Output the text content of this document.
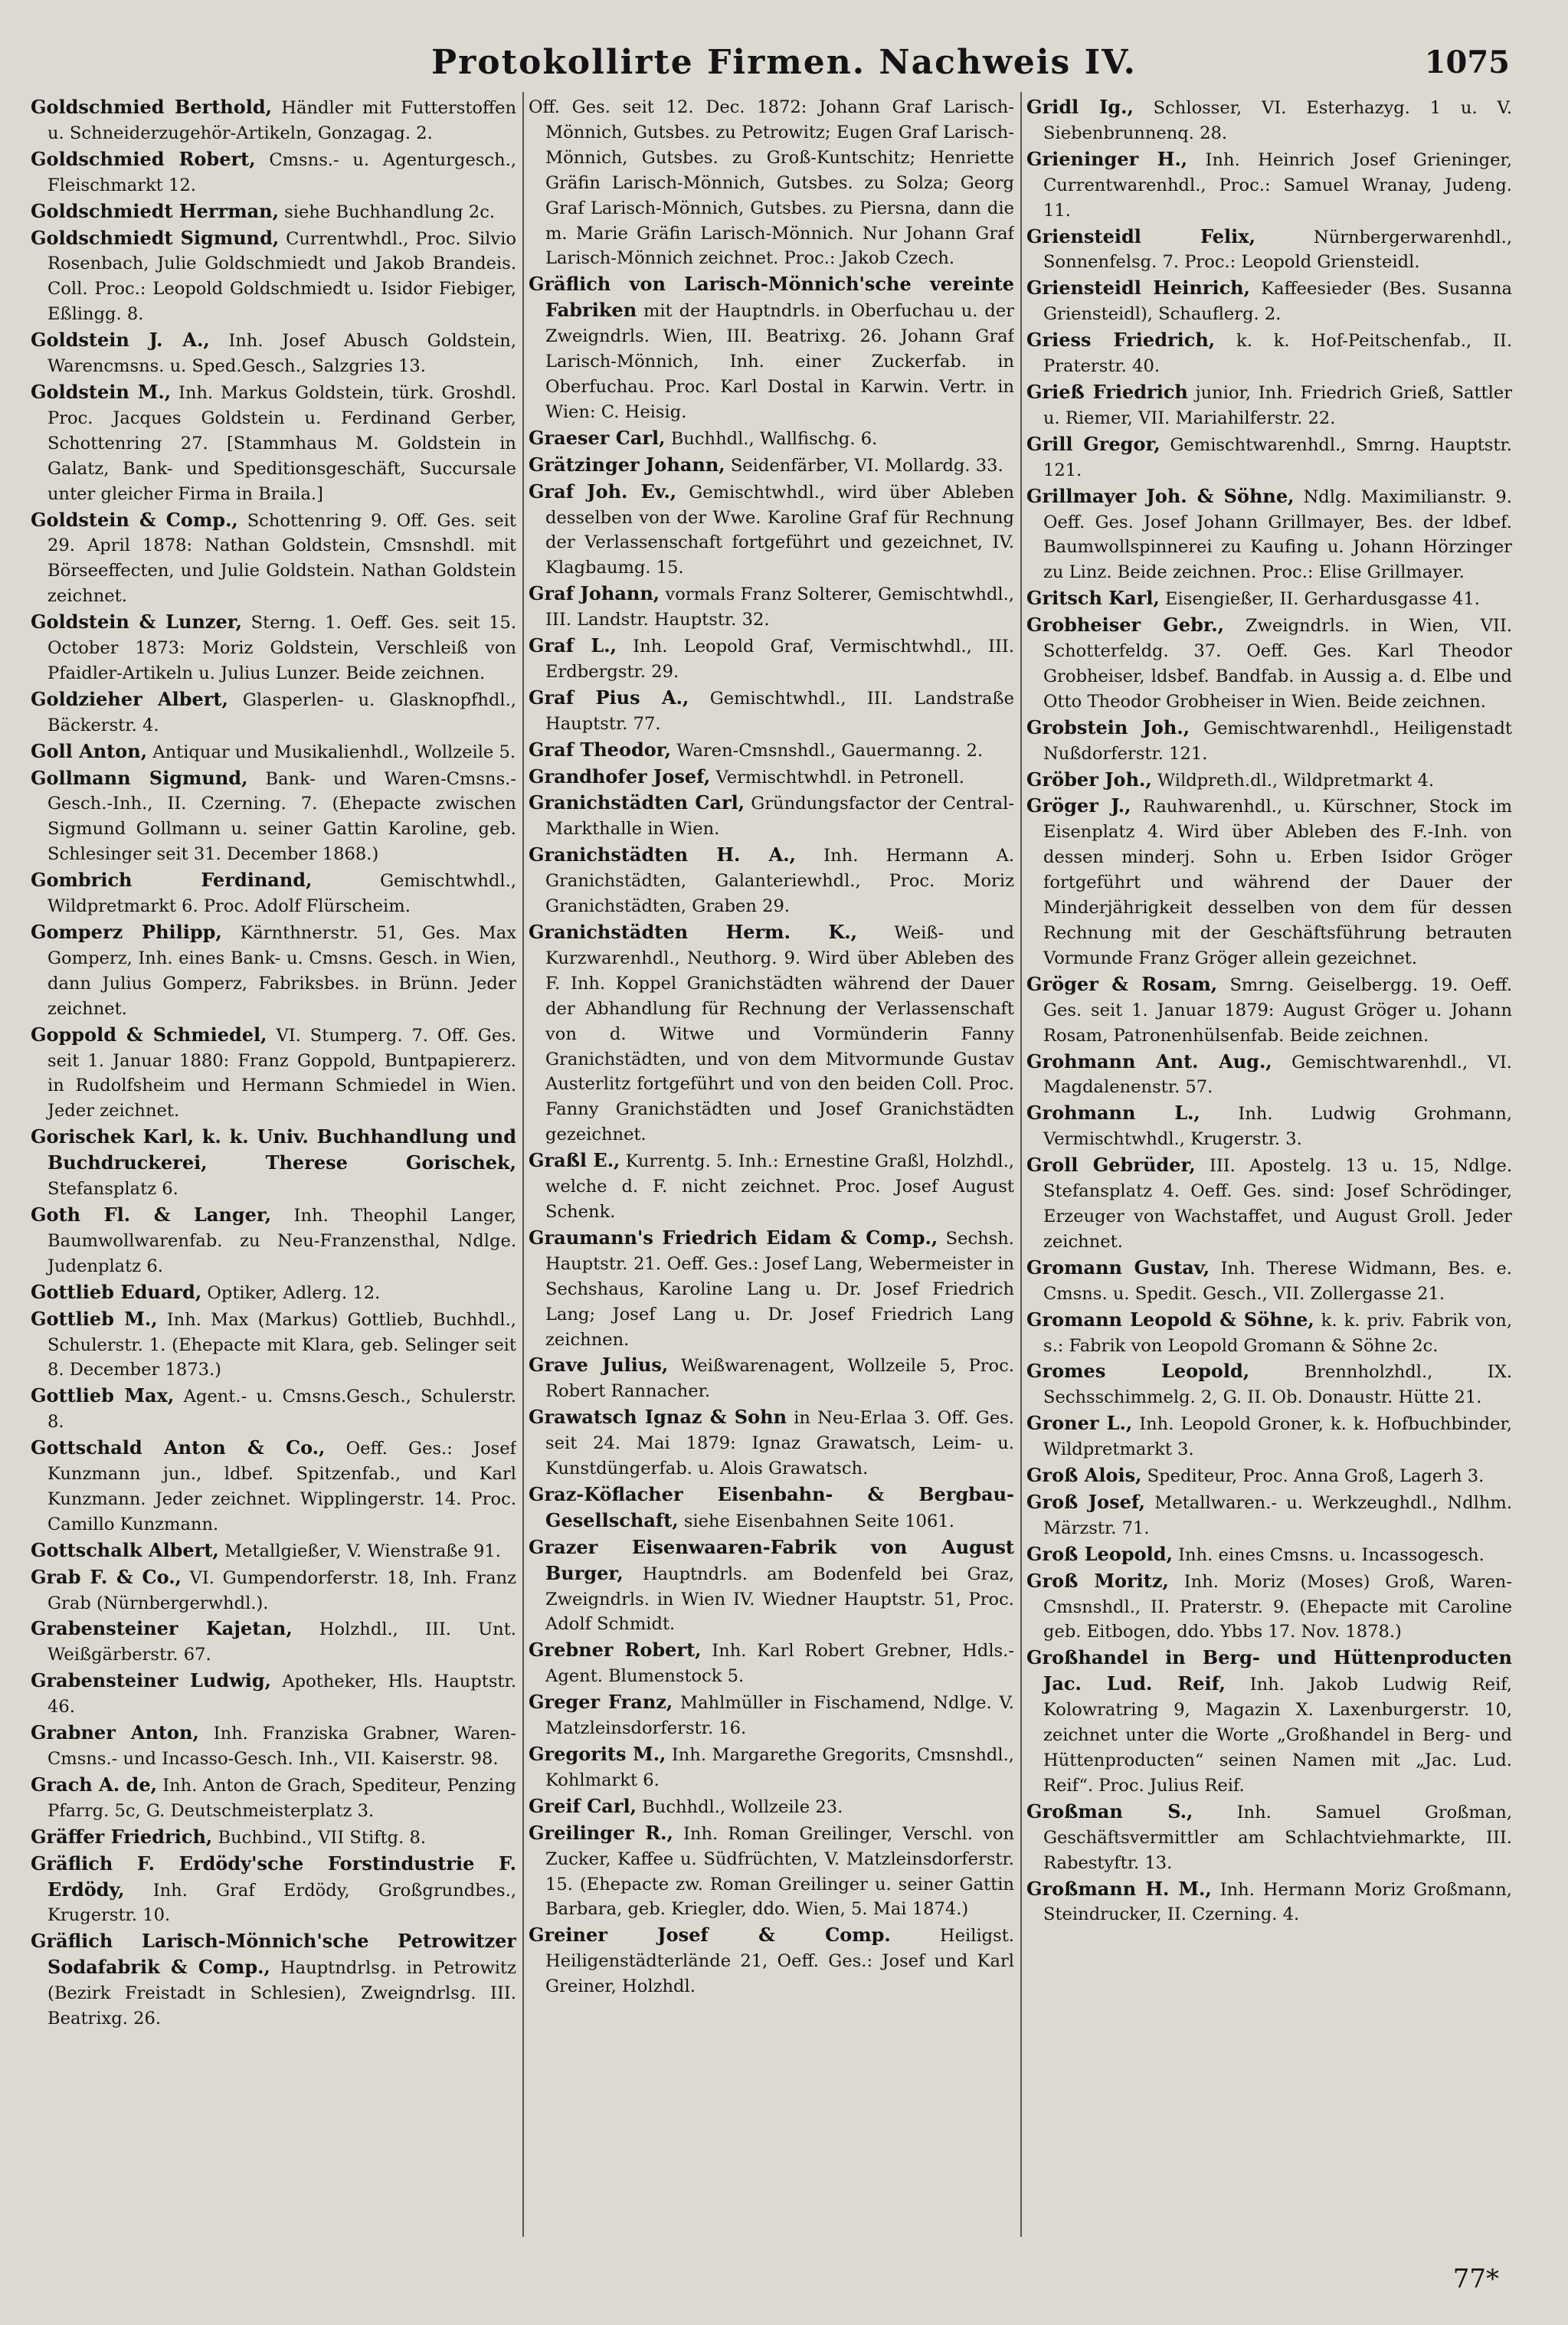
Protokollirte Firmen. Nachweis IV.	1075
Goldschmied Berthold, Händler mit Futterstoffen u. Schneiderzugehör-Artikeln, Gonzagag. 2.
Goldschmied Robert, Cmsns.- u. Agenturgesch., Fleischmarkt 12.
Goldschmiedt Herrman, siehe Buchhandlung 2c.
Goldschmiedt Sigmund, Currentwhdl., Proc. Silvio Rosenbach, Julie Goldschmiedt und Jakob Brandeis. Coll. Proc.: Leopold Goldschmiedt u. Isidor Fiebiger, Eßlingg. 8.
Goldstein J. A., Inh. Josef Abusch Goldstein, Warencmsns. u. Sped.Gesch., Salzgries 13.
Goldstein M., Inh. Markus Goldstein, türk. Groshdl. Proc. Jacques Goldstein u. Ferdinand Gerber, Schottenring 27. [Stammhaus M. Goldstein in Galatz, Bank- und Speditionsgeschäft, Succursale unter gleicher Firma in Braila.]
Goldstein & Comp., Schottenring 9. Off. Ges. seit 29. April 1878: Nathan Goldstein, Cmsnshdl. mit Börseeffecten, und Julie Goldstein. Nathan Goldstein zeichnet.
Goldstein & Lunzer, Sterng. 1. Oeff. Ges. seit 15. October 1873: Moriz Goldstein, Verschleiß von Pfaidler-Artikeln u. Julius Lunzer. Beide zeichnen.
Goldzieher Albert, Glasperlen- u. Glasknopfhdl., Bäckerstr. 4.
Goll Anton, Antiquar und Musikalienhdl., Wollzeile 5.
Gollmann Sigmund, Bank- und Waren-Cmsns.-Gesch.-Inh., II. Czerning. 7. (Ehepacte zwischen Sigmund Gollmann u. seiner Gattin Karoline, geb. Schlesinger seit 31. December 1868.)
Gombrich Ferdinand,	Gemischtwhdl., Wildpretmarkt 6. Proc. Adolf Flürscheim.
Gomperz Philipp, Kärnthnerstr. 51, Ges. Max Gomperz, Inh. eines Bank- u. Cmsns. Gesch. in Wien, dann Julius Gomperz, Fabriksbes. in Brünn. Jeder zeichnet.
Goppold & Schmiedel, VI. Stumperg. 7. Off. Ges. seit 1. Januar 1880: Franz Goppold, Buntpapiererz. in Rudolfsheim und Hermann Schmiedel in Wien. Jeder zeichnet.
Gorischek Karl, k. k. Univ. Buchhandlung und Buchdruckerei, Therese Gorischek, Stefansplatz 6.
Goth Fl. & Langer, Inh. Theophil Langer, Baumwollwarenfab. zu Neu-Franzensthal, Ndlge. Judenplatz 6.
Gottlieb Eduard, Optiker, Adlerg. 12.
Gottlieb M., Inh. Max (Markus) Gottlieb, Buchhdl., Schulerstr. 1. (Ehepacte mit Klara, geb. Selinger seit 8. December 1873.)
Gottlieb Max, Agent.- u. Cmsns.Gesch., Schulerstr. 8.
Gottschald Anton & Co., Oeff. Ges.: Josef Kunzmann jun., ldbef. Spitzenfab., und Karl Kunzmann. Jeder zeichnet. Wipplingerstr. 14. Proc. Camillo Kunzmann.
Gottschalk Albert, Metallgießer, V. Wienstraße 91.
Grab F. & Co., VI. Gumpendorferstr. 18, Inh. Franz Grab (Nürnbergerwhdl.).
Grabensteiner Kajetan, Holzhdl., III. Unt. Weißgärberstr. 67.
Grabensteiner Ludwig, Apotheker, Hls. Hauptstr. 46.
Grabner Anton, Inh. Franziska Grabner, Waren-Cmsns.- und Incasso-Gesch. Inh., VII. Kaiserstr. 98.
Grach A. de, Inh. Anton de Grach, Spediteur, Penzing Pfarrg. 5c, G. Deutschmeisterplatz 3.
Gräffer Friedrich, Buchbind., VII Stiftg. 8.
Gräflich F. Erdödy'sche Forstindustrie F. Erdödy, Inh. Graf Erdödy, Großgrundbes., Krugerstr. 10.
Gräflich Larisch-Mönnich'sche Petrowitzer Sodafabrik & Comp., Hauptndrlsg. in Petrowitz (Bezirk Freistadt in Schlesien), Zweigndrlsg. III. Beatrixg. 26.
Off. Ges. seit 12. Dec. 1872: Johann Graf Larisch-Mönnich, Gutsbes. zu Petrowitz; Eugen Graf Larisch-Mönnich, Gutsbes. zu Groß-Kuntschitz; Henriette Gräfin Larisch-Mönnich, Gutsbes. zu Solza; Georg Graf Larisch-Mönnich, Gutsbes. zu Piersna, dann die m. Marie Gräfin Larisch-Mönnich. Nur Johann Graf Larisch-Mönnich zeichnet. Proc.: Jakob Czech.
Gräflich von Larisch-Mönnich'sche vereinte Fabriken mit der Hauptndrls. in Oberfuchau u. der Zweigndrls. Wien, III. Beatrixg. 26. Johann Graf Larisch-Mönnich, Inh. einer Zuckerfab. in Oberfuchau. Proc. Karl Dostal in Karwin. Vertr. in Wien: C. Heisig.
Graeser Carl, Buchhdl., Wallfischg. 6.
Grätzinger Johann, Seidenfärber, VI. Mollardg. 33.
Graf Joh. Ev., Gemischtwhdl., wird über Ableben desselben von der Wwe. Karoline Graf für Rechnung der Verlassenschaft fortgeführt und gezeichnet, IV. Klagbaumg. 15.
Graf Johann, vormals Franz Solterer, Gemischtwhdl., III. Landstr. Hauptstr. 32.
Graf L., Inh. Leopold Graf, Vermischtwhdl., III. Erdbergstr. 29.
Graf Pius A., Gemischtwhdl., III. Landstraße Hauptstr. 77.
Graf Theodor, Waren-Cmsnshdl., Gauermanng. 2.
Grandhofer Josef, Vermischtwhdl. in Petronell.
Granichstädten Carl, Gründungsfactor der Central-Markthalle in Wien.
Granichstädten H. A., Inh. Hermann A. Granichstädten, Galanteriewhdl., Proc. Moriz Granichstädten, Graben 29.
Granichstädten Herm. K., Weiß- und Kurzwarenhdl., Neuthorg. 9. Wird über Ableben des F. Inh. Koppel Granichstädten während der Dauer der Abhandlung für Rechnung der Verlassenschaft von d. Witwe und Vormünderin Fanny Granichstädten, und von dem Mitvormunde Gustav Austerlitz fortgeführt und von den beiden Coll. Proc. Fanny Granichstädten und Josef Granichstädten gezeichnet.
Graßl E., Kurrentg. 5. Inh.: Ernestine Graßl, Holzhdl., welche d. F. nicht zeichnet. Proc. Josef August Schenk.
Graumann's Friedrich Eidam & Comp., Sechsh. Hauptstr. 21. Oeff. Ges.: Josef Lang, Webermeister in Sechshaus, Karoline Lang u. Dr. Josef Friedrich Lang; Josef Lang u. Dr. Josef Friedrich Lang zeichnen.
Grave Julius, Weißwarenagent, Wollzeile 5, Proc. Robert Rannacher.
Grawatsch Ignaz & Sohn in Neu-Erlaa 3. Off. Ges. seit 24. Mai 1879: Ignaz Grawatsch, Leim- u. Kunstdüngerfab. u. Alois Grawatsch.
Graz-Köflacher Eisenbahn- & Bergbau-Gesellschaft, siehe Eisenbahnen Seite 1061.
Grazer Eisenwaaren-Fabrik von August Burger, Hauptndrls. am Bodenfeld bei Graz, Zweigndrls. in Wien IV. Wiedner Hauptstr. 51, Proc. Adolf Schmidt.
Grebner Robert, Inh. Karl Robert Grebner, Hdls.-Agent. Blumenstock 5.
Greger Franz, Mahlmüller in Fischamend, Ndlge. V. Matzleinsdorferstr. 16.
Gregorits M., Inh. Margarethe Gregorits, Cmsnshdl., Kohlmarkt 6.
Greif Carl, Buchhdl., Wollzeile 23.
Greilinger R., Inh. Roman Greilinger, Verschl. von Zucker, Kaffee u. Südfrüchten, V. Matzleinsdorferstr. 15. (Ehepacte zw. Roman Greilinger u. seiner Gattin Barbara, geb. Kriegler, ddo. Wien, 5. Mai 1874.)
Greiner Josef & Comp.	Heiligst. Heiligenstädterlände 21, Oeff. Ges.: Josef und Karl Greiner, Holzhdl.
Gridl Ig., Schlosser, VI. Esterhazyg. 1 u. V. Siebenbrunnenq. 28.
Grieninger H., Inh. Heinrich Josef Grieninger, Currentwarenhdl., Proc.: Samuel Wranay, Judeng. 11.
Griensteidl Felix,	Nürnbergerwarenhdl., Sonnenfelsg. 7. Proc.: Leopold Griensteidl.
Griensteidl Heinrich, Kaffeesieder (Bes. Susanna Griensteidl), Schauflerg. 2.
Griess Friedrich, k. k. Hof-Peitschenfab., II. Praterstr. 40.
Grieß Friedrich junior, Inh. Friedrich Grieß, Sattler u. Riemer, VII. Mariahilferstr. 22.
Grill Gregor, Gemischtwarenhdl., Smrng. Hauptstr. 121.
Grillmayer Joh. & Söhne, Ndlg. Maximilianstr. 9. Oeff. Ges. Josef Johann Grillmayer, Bes. der ldbef. Baumwollspinnerei zu Kaufing u. Johann Hörzinger zu Linz. Beide zeichnen. Proc.: Elise Grillmayer.
Gritsch Karl, Eisengießer, II. Gerhardusgasse 41.
Grobheiser Gebr., Zweigndrls. in Wien, VII. Schotterfeldg. 37. Oeff. Ges. Karl Theodor Grobheiser, ldsbef. Bandfab. in Aussig a. d. Elbe und Otto Theodor Grobheiser in Wien. Beide zeichnen.
Grobstein Joh., Gemischtwarenhdl., Heiligenstadt Nußdorferstr. 121.
Gröber Joh., Wildpreth.dl., Wildpretmarkt 4.
Gröger J., Rauhwarenhdl., u. Kürschner, Stock im Eisenplatz 4. Wird über Ableben des F.-Inh. von dessen minderj. Sohn u. Erben Isidor Gröger fortgeführt und während der Dauer der Minderjährigkeit desselben von dem für dessen Rechnung mit der Geschäftsführung betrauten Vormunde Franz Gröger allein gezeichnet.
Gröger & Rosam, Smrng. Geiselbergg. 19. Oeff. Ges. seit 1. Januar 1879: August Gröger u. Johann Rosam, Patronenhülsenfab. Beide zeichnen.
Grohmann Ant. Aug., Gemischtwarenhdl., VI. Magdalenenstr. 57.
Grohmann L., Inh. Ludwig Grohmann, Vermischtwhdl., Krugerstr. 3.
Groll Gebrüder, III. Apostelg. 13 u. 15, Ndlge. Stefansplatz 4. Oeff. Ges. sind: Josef Schrödinger, Erzeuger von Wachstaffet, und August Groll. Jeder zeichnet.
Gromann Gustav, Inh. Therese Widmann, Bes. e. Cmsns. u. Spedit. Gesch., VII. Zollergasse 21.
Gromann Leopold & Söhne, k. k. priv. Fabrik von, s.: Fabrik von Leopold Gromann & Söhne 2c.
Gromes Leopold,	Brennholzhdl., IX. Sechsschimmelg. 2, G. II. Ob. Donaustr. Hütte 21.
Groner L., Inh. Leopold Groner, k. k. Hofbuchbinder, Wildpretmarkt 3.
Groß Alois, Spediteur, Proc. Anna Groß, Lagerh 3.
Groß Josef, Metallwaren.- u. Werkzeughdl., Ndlhm. Märzstr. 71.
Groß Leopold, Inh. eines Cmsns. u. Incassogesch.
Groß Moritz, Inh. Moriz (Moses) Groß, Waren-Cmsnshdl., II. Praterstr. 9. (Ehepacte mit Caroline geb. Eitbogen, ddo. Ybbs 17. Nov. 1878.)
Großhandel in Berg- und Hüttenproducten Jac. Lud. Reif, Inh. Jakob Ludwig Reif, Kolowratring 9, Magazin X. Laxenburgerstr. 10, zeichnet unter die Worte „Großhandel in Berg- und Hüttenproducten“ seinen Namen mit „Jac. Lud. Reif“. Proc. Julius Reif.
Großman S.,	Inh. Samuel Großman, Geschäftsvermittler am Schlachtviehmarkte, III. Rabestyftr. 13.
Großmann H. M., Inh. Hermann Moriz Großmann, Steindrucker, II. Czerning. 4.
77*
